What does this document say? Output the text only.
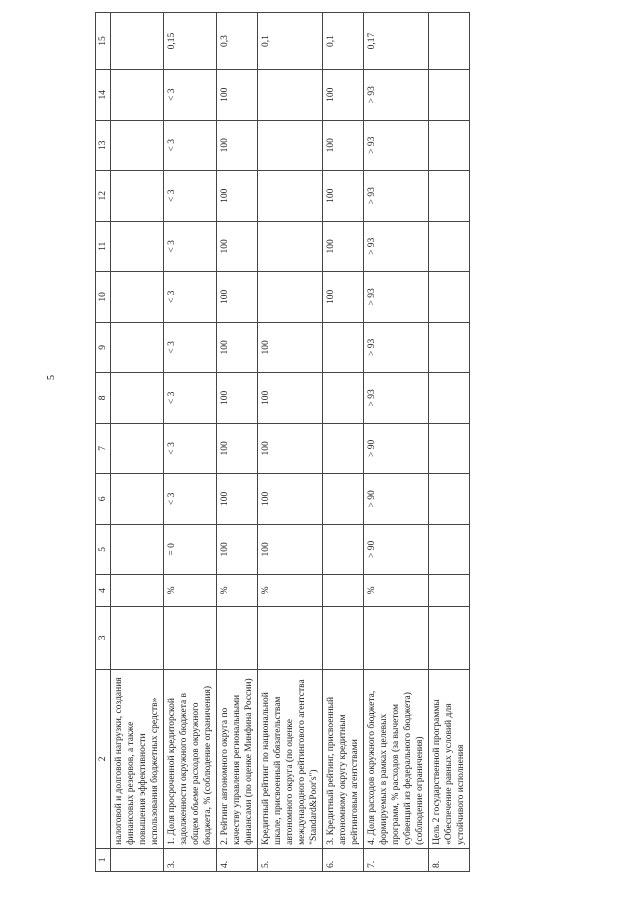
5
1	2	3	4	5	6	7	8	9	10	11	12	13	14	15
	налоговой и долговой нагрузки, создания финансовых резервов, а также повышения эффективности использования бюджетных средств»													
3.	1. Доля просроченной кредиторской задолженности окружного бюджета в общем объеме расходов окружного бюджета, % (соблюдение ограничения)		%	= 0	< 3	< 3	< 3	< 3	< 3	< 3	< 3	< 3	< 3	0,15
4.	2. Рейтинг автономного округа по качеству управления региональными финансами (по оценке Минфина России)		%	100	100	100	100	100	100	100	100	100	100	0,3
5.	Кредитный рейтинг по национальной шкале, присвоенный обязательствам автономного округа (по оценке международного рейтингового агентства "Standard&Poor's")		%	100	100	100	100	100						0,1
6.	3. Кредитный рейтинг, присвоенный автономному округу кредитным рейтинговым агентствами								100	100	100	100	100	0,1
7.	4. Доля расходов окружного бюджета, формируемых в рамках целевых программ, % расходов (за вычетом субвенций из федерального бюджета) (соблюдение ограничения)		%	> 90	> 90	> 90	> 93	> 93	> 93	> 93	> 93	> 93	> 93	0,17
8.	Цель 2 государственной программы «Обеспечение равных условий для устойчивого исполнения													
